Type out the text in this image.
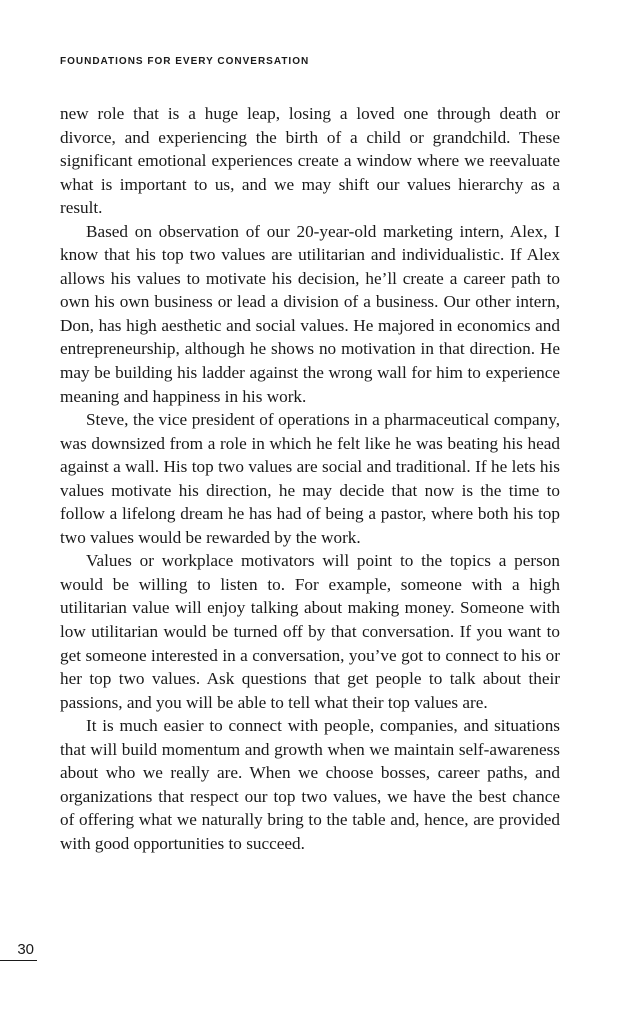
FOUNDATIONS FOR EVERY CONVERSATION

new role that is a huge leap, losing a loved one through death or divorce, and experiencing the birth of a child or grandchild. These significant emotional experiences create a window where we reevaluate what is important to us, and we may shift our values hierarchy as a result.

Based on observation of our 20-year-old marketing intern, Alex, I know that his top two values are utilitarian and individualistic. If Alex allows his values to motivate his decision, he’ll create a career path to own his own business or lead a division of a business. Our other intern, Don, has high aesthetic and social values. He majored in economics and entrepreneurship, although he shows no motivation in that direction. He may be building his ladder against the wrong wall for him to experience meaning and happiness in his work.

Steve, the vice president of operations in a pharmaceutical company, was downsized from a role in which he felt like he was beating his head against a wall. His top two values are social and traditional. If he lets his values motivate his direction, he may decide that now is the time to follow a lifelong dream he has had of being a pastor, where both his top two values would be rewarded by the work.

Values or workplace motivators will point to the topics a person would be willing to listen to. For example, someone with a high utilitarian value will enjoy talking about making money. Someone with low utilitarian would be turned off by that conversation. If you want to get someone interested in a conversation, you’ve got to connect to his or her top two values. Ask questions that get people to talk about their passions, and you will be able to tell what their top values are.

It is much easier to connect with people, companies, and situations that will build momentum and growth when we maintain self-awareness about who we really are. When we choose bosses, career paths, and organizations that respect our top two values, we have the best chance of offering what we naturally bring to the table and, hence, are provided with good opportunities to succeed.

30
